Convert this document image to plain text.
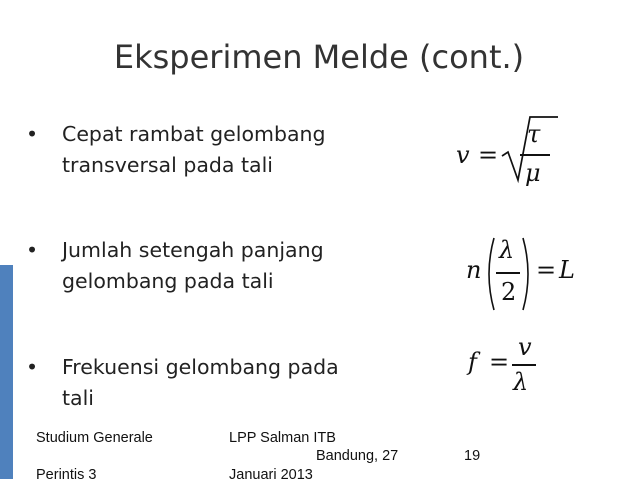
Eksperimen Melde (cont.)
• Cepat rambat gelombang
transversal pada tali
• Jumlah setengah panjang
gelombang pada tali
• Frekuensi gelombang pada
tali
v =
τ
μ
n
λ
2
= L
f =
v
λ
Studium Generale
Perintis 3
LPP Salman ITB
Bandung, 27
Januari 2013
19
